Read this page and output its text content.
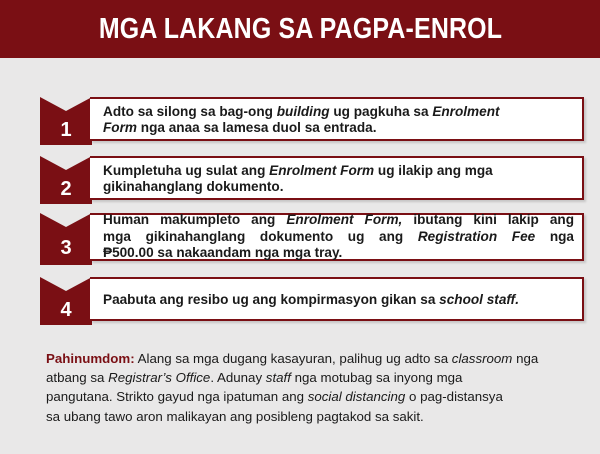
MGA LAKANG SA PAGPA-ENROL
1
Adto sa silong sa bag-ong building ug pagkuha sa Enrolment
Form nga anaa sa lamesa duol sa entrada.
2
Kumpletuha ug sulat ang Enrolment Form ug ilakip ang mga
gikinahanglang dokumento.
3
Human makumpleto ang Enrolment Form, ibutang kini lakip ang
mga gikinahanglang dokumento ug ang Registration Fee nga
₱500.00 sa nakaandam nga mga tray.
4	Paabuta ang resibo ug ang kompirmasyon gikan sa school staff.
Pahinumdom: Alang sa mga dugang kasayuran, palihug ug adto sa classroom nga
atbang sa Registrar’s Office. Adunay staff nga motubag sa inyong mga
pangutana. Strikto gayud nga ipatuman ang social distancing o pag-distansya
sa ubang tawo aron malikayan ang posibleng pagtakod sa sakit.
